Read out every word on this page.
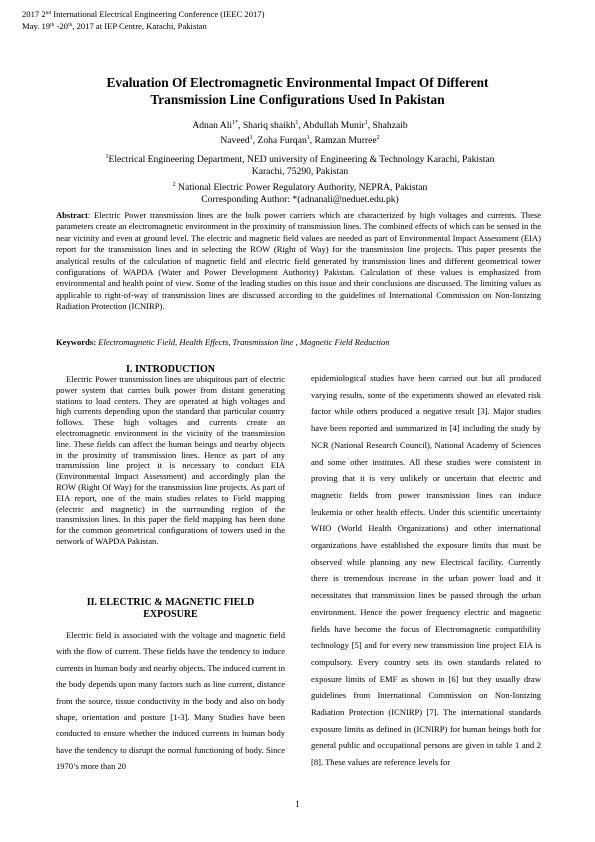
2017 2nd International Electrical Engineering Conference (IEEC 2017)
May. 19th -20th, 2017 at IEP Centre, Karachi, Pakistan
Evaluation Of Electromagnetic Environmental Impact Of Different
Transmission Line Configurations Used In Pakistan
Adnan Ali$^{1*}$, Shariq shaikh$^1$, Abdullah Munir$^1$, Shahzaib
Naveed$^1$, Zoha Furqan$^1$, Ramzan Murree$^2$
$^1$Electrical Engineering Department, NED university of Engineering & Technology Karachi, Pakistan
Karachi, 75290, Pakistan
$^2$ National Electric Power Regulatory Authority, NEPRA, Pakistan
Corresponding Author: *(adnanali@neduet.edu.pk)
Abstract: Electric Power transmission lines are the bulk power carriers which are characterized by high voltages and currents. These parameters create an electromagnetic environment in the proximity of transmission lines. The combined effects of which can be sensed in the near vicinity and even at ground level. The electric and magnetic field values are needed as part of Environmental Impact Assessment (EIA) report for the transmission lines and in selecting the ROW (Right of Way) for the transmission line projects. This paper presents the analytical results of the calculation of magnetic field and electric field generated by transmission lines and different geometrical tower configurations of WAPDA (Water and Power Development Authority) Pakistan. Calculation of these values is emphasized from environmental and health point of view. Some of the leading studies on this issue and their conclusions are discussed. The limiting values as applicable to right-of-way of transmission lines are discussed according to the guidelines of International Commission on Non-Ionizing Radiation Protection (ICNIRP).
Keywords: Electromagnetic Field, Health Effects, Transmission line , Magnetic Field Reduction
I. INTRODUCTION
Electric Power transmission lines are ubiquitous part of electric power system that carries bulk power from distant generating stations to load centers. They are operated at high voltages and high currents depending upon the standard that particular country follows. These high voltages and currents create an electromagnetic environment in the vicinity of the transmission line. These fields can affect the human beings and nearby objects in the proximity of transmission lines. Hence as part of any transmission line project it is necessary to conduct EIA (Environmental Impact Assessment) and accordingly plan the ROW (Right Of Way) for the transmission line projects. As part of EIA report, one of the main studies relates to Field mapping (electric and magnetic) in the surrounding region of the transmission lines. In this paper the field mapping has been done for the common geometrical configurations of towers used in the network of WAPDA Pakistan.
II. ELECTRIC & MAGNETIC FIELD
EXPOSURE
Electric field is associated with the voltage and magnetic field with the flow of current. These fields have the tendency to induce currents in human body and nearby objects. The induced current in the body depends upon many factors such as line current, distance from the source, tissue conductivity in the body and also on body shape, orientation and posture [1-3]. Many Studies have been conducted to ensure whether the induced currents in human body have the tendency to disrupt the normal functioning of body. Since 1970’s more than 20
epidemiological studies have been carried out but all produced varying results, some of the experiments showed an elevated risk factor while others produced a negative result [3]. Major studies have been reported and summarized in [4] including the study by NCR (National Research Council), National Academy of Sciences and some other institutes. All these studies were consistent in proving that it is very unlikely or uncertain that electric and magnetic fields from power transmission lines can induce leukemia or other health effects. Under this scientific uncertainty WHO (World Health Organizations) and other international organizations have established the exposure limits that must be observed while planning any new Electrical facility. Currently there is tremendous increase in the urban power load and it necessitates that transmission lines be passed through the urban environment. Hence the power frequency electric and magnetic fields have become the focus of Electromagnetic compatibility technology [5] and for every new transmission line project EIA is compulsory. Every country sets its own standards related to exposure limits of EMF as shown in [6] but they usually draw guidelines from International Commission on Non-Ionizing Radiation Protection (ICNIRP) [7]. The international standards exposure limits as defined in (ICNIRP) for human beings both for general public and occupational persons are given in table 1 and 2 [8]. These values are reference levels for
1
